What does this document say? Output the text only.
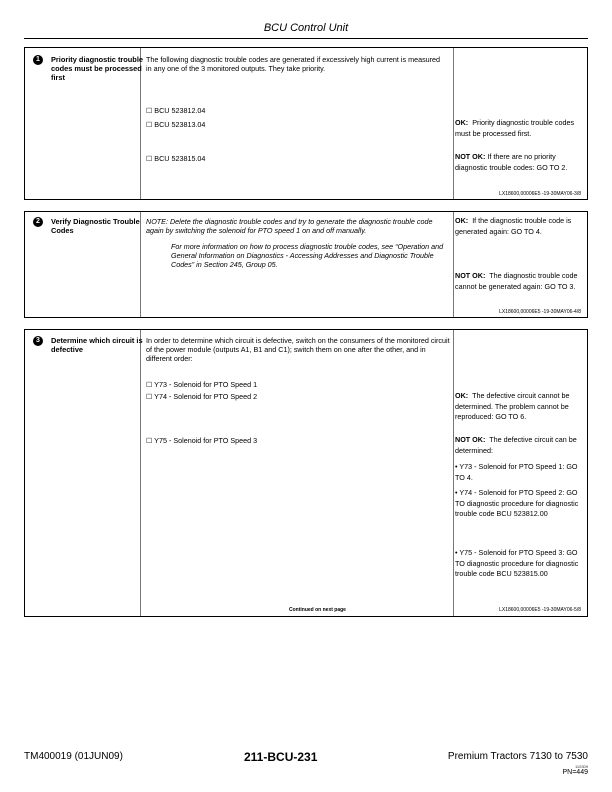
BCU Control Unit
1	Priority diagnostic trouble codes must be processed first
The following diagnostic trouble codes are generated if excessively high current is measured in any one of the 3 monitored outputs. They take priority.
☐ BCU 523812.04
☐ BCU 523813.04
☐ BCU 523815.04
OK: Priority diagnostic trouble codes must be processed first.
NOT OK: If there are no priority diagnostic trouble codes: GO TO 2.
LX18600,00006E5 -19-30MAY06-3/8
2	Verify Diagnostic Trouble Codes
NOTE: Delete the diagnostic trouble codes and try to generate the diagnostic trouble code again by switching the solenoid for PTO speed 1 on and off manually.
For more information on how to process diagnostic trouble codes, see “Operation and General Information on Diagnostics - Accessing Addresses and Diagnostic Trouble Codes” in Section 245, Group 05.
OK: If the diagnostic trouble code is generated again: GO TO 4.
NOT OK: The diagnostic trouble code cannot be generated again: GO TO 3.
LX18600,00006E5 -19-30MAY06-4/8
3	Determine which circuit is defective
In order to determine which circuit is defective, switch on the consumers of the monitored circuit of the power module (outputs A1, B1 and C1); switch them on one after the other, and in different order:
☐ Y73 - Solenoid for PTO Speed 1
☐ Y74 - Solenoid for PTO Speed 2
☐ Y75 - Solenoid for PTO Speed 3
OK: The defective circuit cannot be determined. The problem cannot be reproduced: GO TO 6.
NOT OK: The defective circuit can be determined:
• Y73 - Solenoid for PTO Speed 1: GO TO 4.
• Y74 - Solenoid for PTO Speed 2: GO TO diagnostic procedure for diagnostic trouble code BCU 523812.00
• Y75 - Solenoid for PTO Speed 3: GO TO diagnostic procedure for diagnostic trouble code BCU 523815.00
Continued on next page	LX18600,00006E5 -19-30MAY06-5/8
TM400019 (01JUN09)	211-BCU-231	Premium Tractors 7130 to 7530
110309
PN=449
